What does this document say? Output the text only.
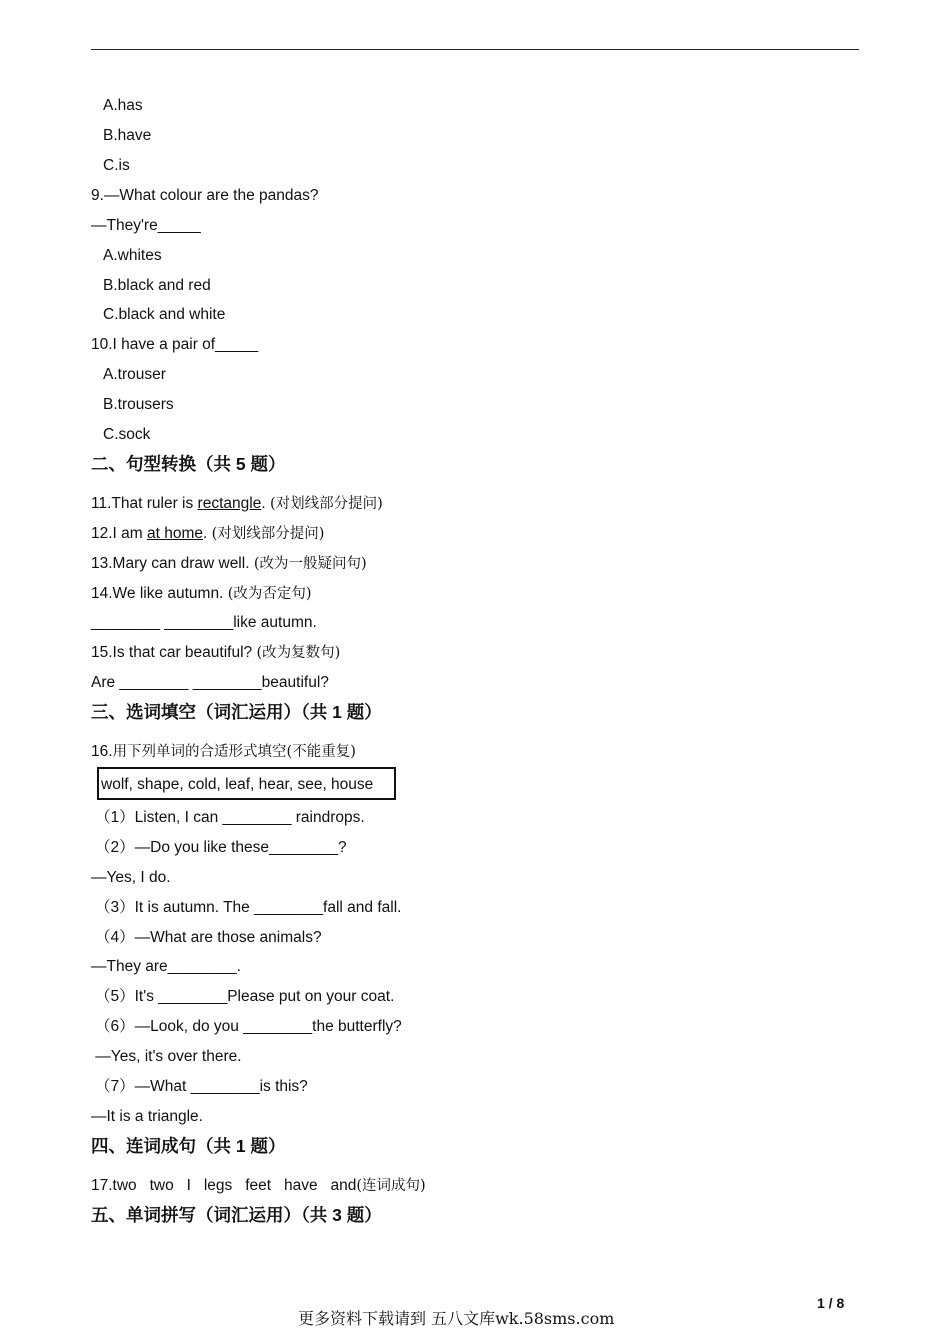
A.has
B.have
C.is
9.—What colour are the pandas?
—They're_____
A.whites
B.black and red
C.black and white
10.I have a pair of_____
A.trouser
B.trousers
C.sock
二、句型转换（共 5 题）
11.That ruler is rectangle. (对划线部分提问)
12.I am at home. (对划线部分提问)
13.Mary can draw well. (改为一般疑问句)
14.We like autumn. (改为否定句)
________ ________like autumn.
15.Is that car beautiful? (改为复数句)
Are ________ ________beautiful?
三、选词填空（词汇运用）（共 1 题）
16.用下列单词的合适形式填空(不能重复)
wolf, shape, cold, leaf, hear, see, house
（1）Listen, I can ________ raindrops.
（2）—Do you like these________?
—Yes, I do.
（3）It is autumn. The ________fall and fall.
（4）—What are those animals?
—They are________.
（5）It's ________Please put on your coat.
（6）—Look, do you ________the butterfly?
—Yes, it's over there.
（7）—What ________is this?
—It is a triangle.
四、连词成句（共 1 题）
17.two   two   I   legs   feet   have   and(连词成句)
五、单词拼写（词汇运用）（共 3 题）
1 / 8
更多资料下载请到 五八文库wk.58sms.com
